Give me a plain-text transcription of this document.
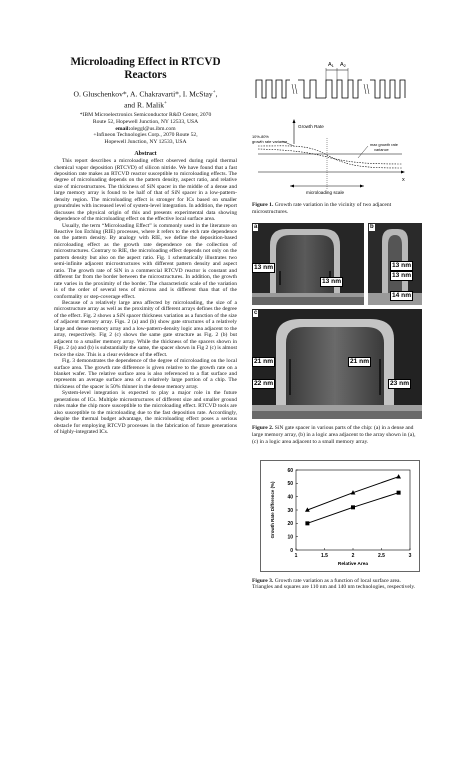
Microloading Effect in RTCVD Reactors
O. Gluschenkov*, A. Chakravarti*, I. McStay+,
and R. Malik+
*IBM Microelectronics Semiconductor R&D Center, 2070
Route 52, Hopewell Junction, NY 12533, USA
email:oleggl@us.ibm.com
+Infineon Technologies Corp., 2070 Route 52,
Hopewell Junction, NY 12533, USA
Abstract

This report describes a microloading effect observed during rapid thermal chemical vapor deposition (RTCVD) of silicon nitride. We have found that a fast deposition rate makes an RTCVD reactor susceptible to microloading effects. The degree of microloading depends on the pattern density, aspect ratio, and relative size of microstructures. The thickness of SiN spacer in the middle of a dense and large memory array is found to be half of that of SiN spacer in a low-pattern-density region. The microloading effect is stronger for ICs based on smaller groundrules with increased level of system-level integration. In addition, the report discusses the physical origin of this and presents experimental data showing dependence of the microloading effect on the effective local surface area.

Usually, the term “Microloading Effect” is commonly used in the literature on Reactive Ion Etching (RIE) processes, where it refers to the etch rate dependence on the pattern density. By analogy with RIE, we define the deposition-based microloading effect as the growth rate dependence on the collection of microstructures. Contrary to RIE, the microloading effect depends not only on the pattern density but also on the aspect ratio. Fig. 1 schematically illustrates two semi-infinite adjacent microstructures with different pattern density and aspect ratio. The growth rate of SiN in a commercial RTCVD reactor is constant and different far from the border between the microstructures. In addition, the growth rate varies in the proximity of the border. The characteristic scale of the variation is of the order of several tens of microns and is different than that of the conformality or step-coverage effect.

Because of a relatively large area affected by microloading, the size of a microstructure array as well as the proximity of different arrays defines the degree of the effect. Fig. 2 shows a SiN spacer thickness variation as a function of the size of adjacent memory array. Figs. 2 (a) and (b) show gate structures of a relatively large and dense memory array and a low-pattern-density logic area adjacent to the array, respectively. Fig 2 (c) shows the same gate structure as Fig. 2 (b) but adjacent to a smaller memory array. While the thickness of the spacers shown in Figs. 2 (a) and (b) is substantially the same, the spacer shown in Fig 2 (c) is almost twice the size. This is a clear evidence of the effect.

Fig. 3 demonstrates the dependence of the degree of microloading on the local surface area. The growth rate difference is given relative to the growth rate on a blanket wafer. The relative surface area is also referenced to a flat surface and represents an average surface area of a relatively large portion of a chip. The thickness of the spacer is 50% thinner in the dense memory array.

System-level integration is expected to play a major role in the future generations of ICs. Multiple microstructures of different size and smaller ground rules make the chip more susceptible to the microloading effect. RTCVD tools are also susceptible to the microloading due to the fast deposition rate. Accordingly, despite the thermal budget advantage, the microloading effect poses a serious obstacle for employing RTCVD processes in the fabrication of future generations of highly-integrated ICs.

A1 A2
Growth Rate
x
10%-80% growth rate variance
max growth rate variance
microloading scale
Figure 1. Growth rate variation in the vicinity of two adjacent microstructures.
a
13 nm
13 nm
b
13 nm
13 nm
14 nm
c
21 nm
22 nm
21 nm
23 nm
Figure 2. SiN gate spacer in various parts of the chip: (a) in a dense and large memory array, (b) in a logic area adjacent to the array shown in (a), (c) in a logic area adjacent to a small memory array.
0
10
20
30
40
50
60
1	1.5	2	2.5	3
Relative Area
Growth Rate Difference (%)
Figure 3. Growth rate variation as a function of local surface area. Triangles and squares are 110 nm and 140 nm technologies, respectively.
